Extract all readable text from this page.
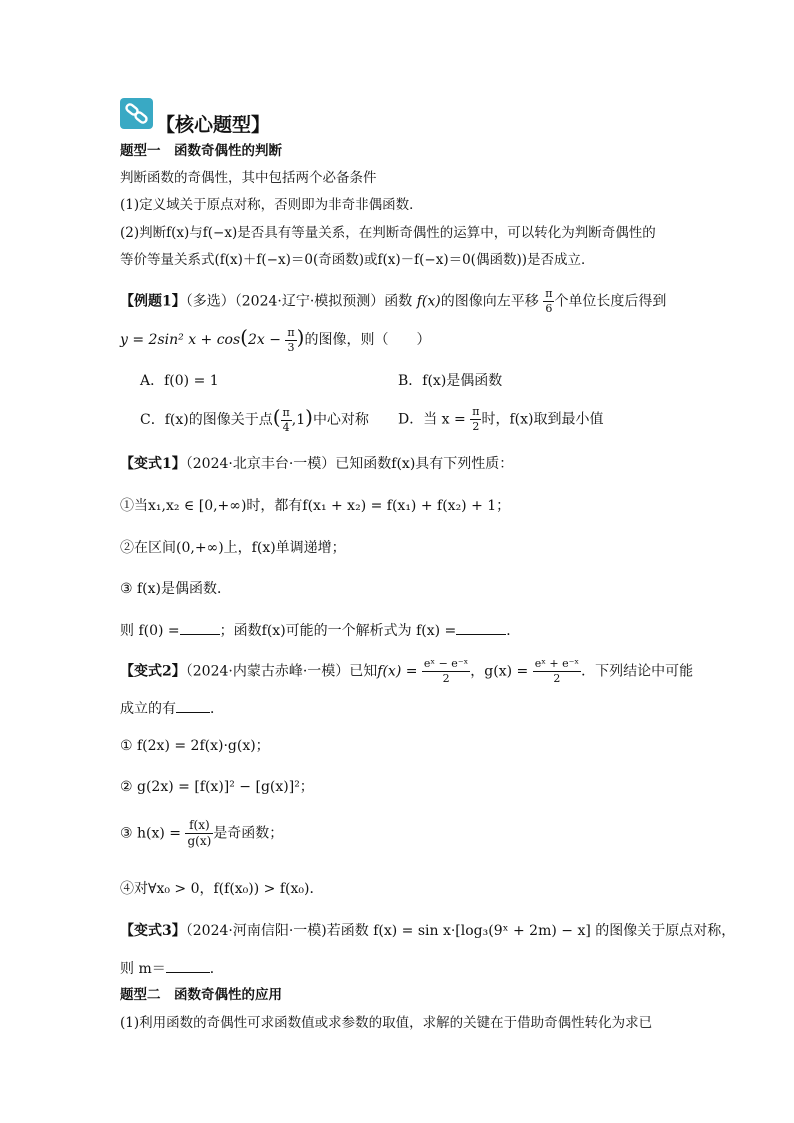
【核心题型】
题型一　函数奇偶性的判断
判断函数的奇偶性，其中包括两个必备条件
(1)定义域关于原点对称，否则即为非奇非偶函数．
(2)判断f(x)与f(−x)是否具有等量关系，在判断奇偶性的运算中，可以转化为判断奇偶性的
等价等量关系式(f(x)＋f(−x)＝0(奇函数)或f(x)－f(−x)＝0(偶函数))是否成立．
【例题1】（多选）（2024·辽宁·模拟预测）函数 f(x)的图像向左平移 $\frac{\pi}{6}$ 个单位长度后得到
y = 2sin² $x + \cos(2x - \frac{\pi}{3}$ )的图像，则（　　）
A．f(0) = 1	B．f(x)是偶函数
C．f(x)的图像关于点( $\frac{\pi}{4} ,1$)中心对称 D．当 $x = \frac{\pi}{2}$ 时，f(x)取到最小值
【变式1】（2024·北京丰台·一模）已知函数f(x)具有下列性质：
①当x₁,x₂ ∈ [0,+∞)时，都有f(x₁ + x₂) = f(x₁) + f(x₂) + 1；
②在区间(0,+∞)上，f(x)单调递增；
③ f(x)是偶函数．
则 f(0) =	；函数f(x)可能的一个解析式为 f(x) =	．
【变式2】（2024·内蒙古赤峰·一模）已知$f(x) = \frac{\text{eˣ − e⁻ˣ}}{2}$ ，$g(x) = \frac{\text{eˣ + e⁻ˣ}}{2}$ ．下列结论中可能
成立的有 ．
① f(2x) = 2f(x)·g(x)；
② g(2x) = [f(x)]² − [g(x)]²；
③ $h(x) = \frac{f(x)}{g(x)}$ 是奇函数；
④对∀x₀ > 0，f(f(x₀)) > f(x₀)．
【变式3】（2024·河南信阳·一模)若函数 f(x) = sin x·[log₃(9ˣ + 2m) − x] 的图像关于原点对称，
则 m＝	．
题型二　函数奇偶性的应用
(1)利用函数的奇偶性可求函数值或求参数的取值，求解的关键在于借助奇偶性转化为求已
